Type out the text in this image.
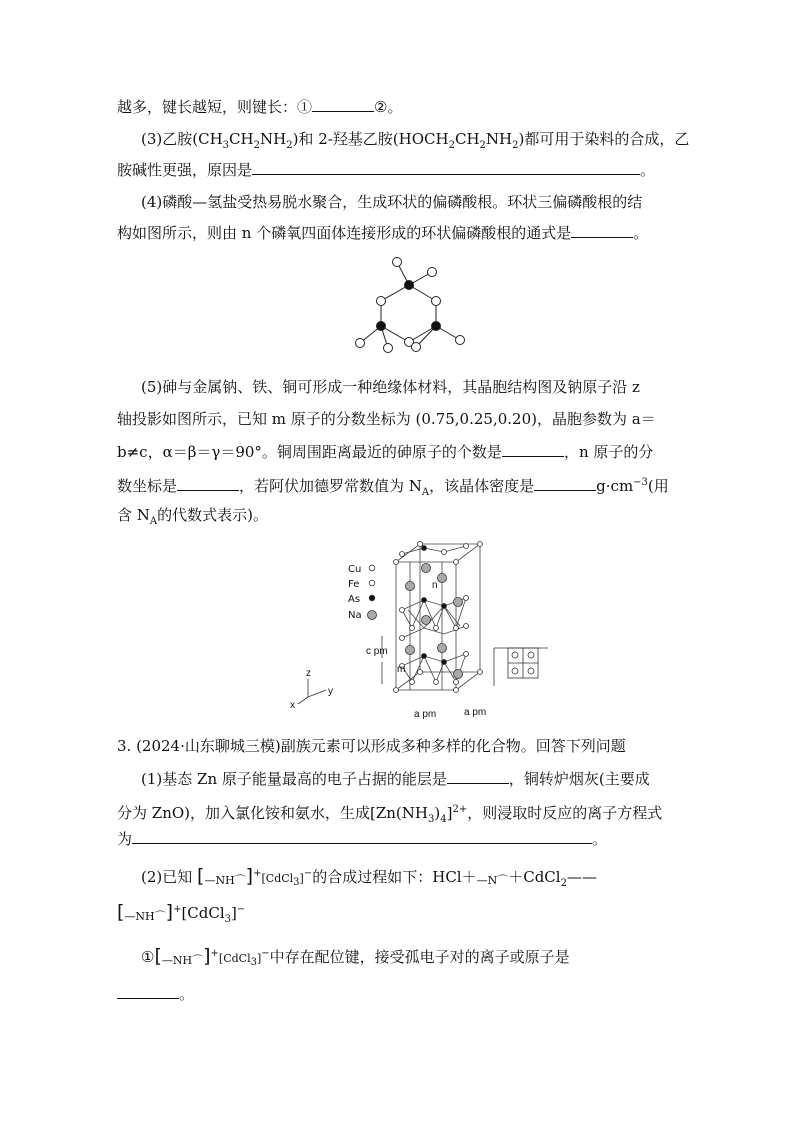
越多，键长越短，则键长：①	②。
(3)乙胺$(CH_3CH_2NH_2)$和 2-羟基乙胺$(HOCH_2CH_2NH_2)$都可用于染料的合成，乙
胺碱性更强，原因是	。
(4)磷酸—氢盐受热易脱水聚合，生成环状的偏磷酸根。环状三偏磷酸根的结
构如图所示，则由 n 个磷氧四面体连接形成的环状偏磷酸根的通式是	。
(5)砷与金属钠、铁、铜可形成一种绝缘体材料，其晶胞结构图及钠原子沿 z
轴投影如图所示，已知 m 原子的分数坐标为 (0.75,0.25,0.20)，晶胞参数为 a＝
b≠c，α＝β＝γ＝90°。铜周围距离最近的砷原子的个数是	，n 原子的分
数坐标是	，若阿伏加德罗常数值为 $N_A$，该晶体密度是	$g\cdot cm^{-3}$(用
含 $N_A$的代数式表示)。
Cu
Fe
As
Na
n
m
c pm
a pm	a pm
z
y
x
3. (2024·山东聊城三模)副族元素可以形成多种多样的化合物。回答下列问题
(1)基态 Zn 原子能量最高的电子占据的能层是	，铜转炉烟灰(主要成
分为 ZnO)，加入氯化铵和氨水，生成$[Zn(NH_3)_4]^{2+}$，则浸取时反应的离子方程式
为	。
(2)已知 [—NH⌒]+[CdCl$_3$]−的合成过程如下：HCl＋—N⌒＋CdCl$_2$——
[—NH⌒]+[CdCl$_3$]−
①[—NH⌒]+[CdCl$_3$]−中存在配位键，接受孤电子对的离子或原子是
。
